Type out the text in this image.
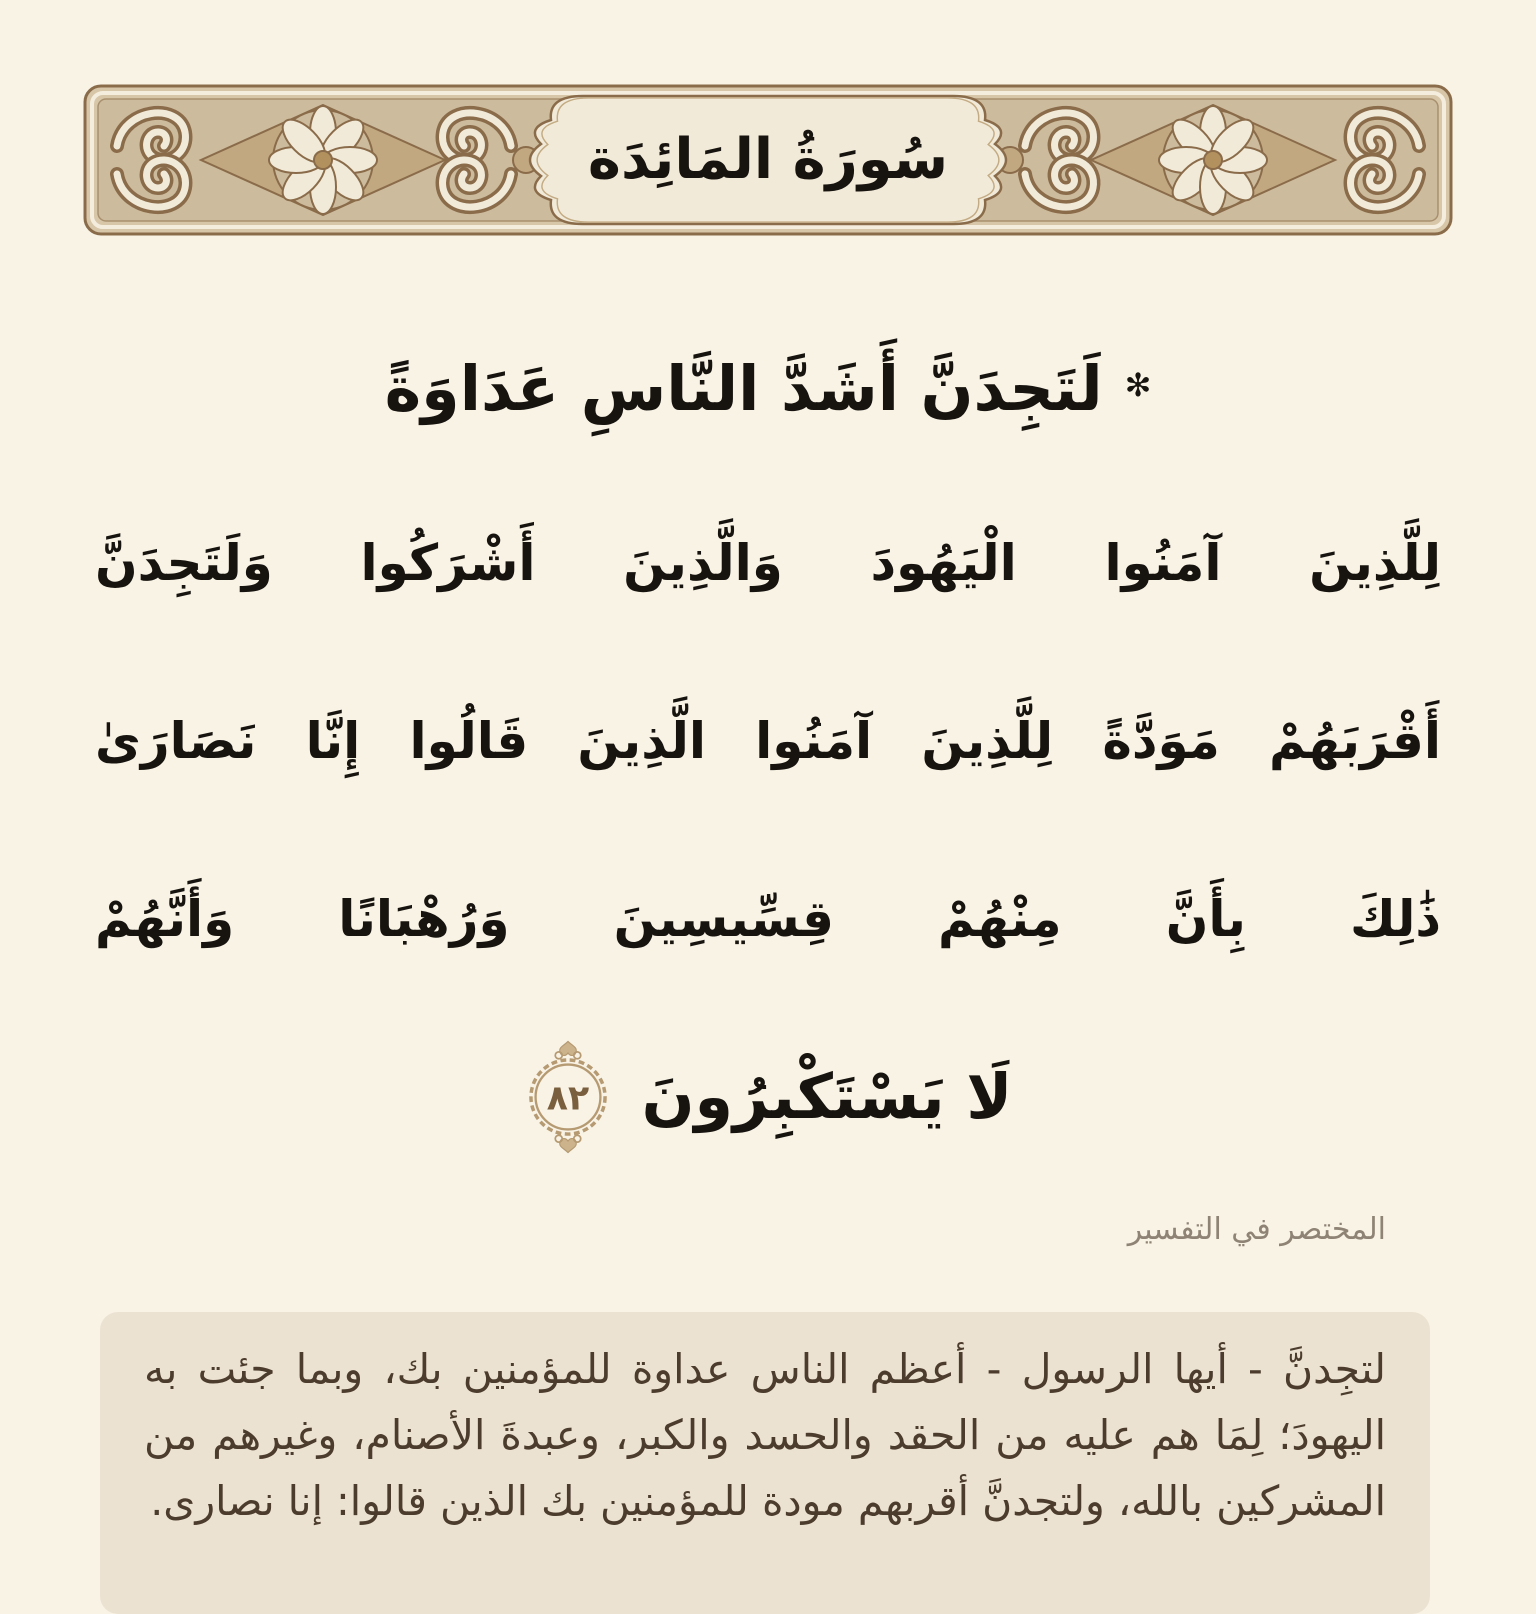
سُورَةُ المَائِدَة
✻لَتَجِدَنَّ أَشَدَّ النَّاسِ عَدَاوَةً
لِلَّذِينَ آمَنُوا الْيَهُودَ وَالَّذِينَ أَشْرَكُوا وَلَتَجِدَنَّ
أَقْرَبَهُمْ مَوَدَّةً لِلَّذِينَ آمَنُوا الَّذِينَ قَالُوا إِنَّا نَصَارَىٰ
ذَٰلِكَ بِأَنَّ مِنْهُمْ قِسِّيسِينَ وَرُهْبَانًا وَأَنَّهُمْ
لَا يَسْتَكْبِرُونَ
٨٢
المختصر في التفسير
لتجِدنَّ - أيها الرسول - أعظم الناس عداوة للمؤمنين بك، وبما جئت به اليهودَ؛ لِمَا هم عليه من الحقد والحسد والكبر، وعبدةَ الأصنام، وغيرهم من المشركين بالله، ولتجدنَّ أقربهم مودة للمؤمنين بك الذين قالوا: إنا نصارى.
